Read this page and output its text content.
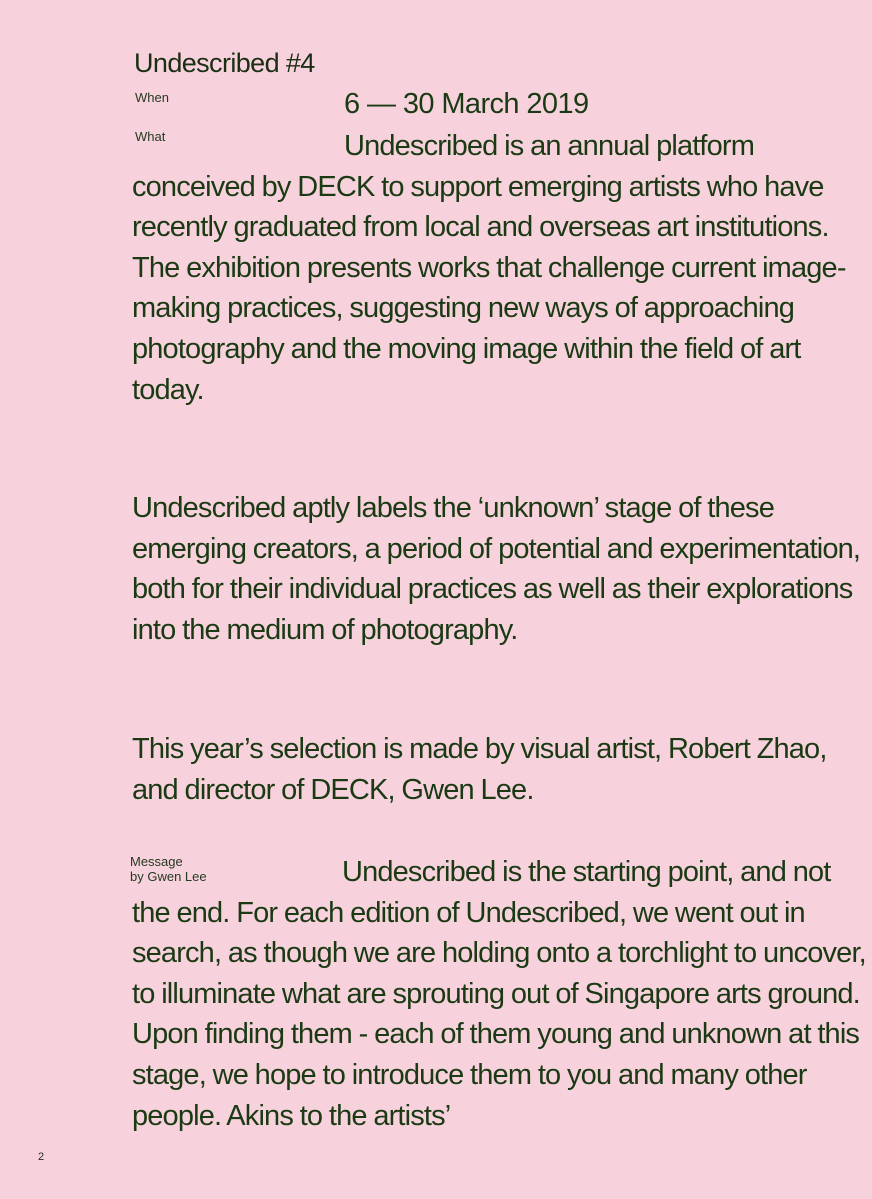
Undescribed #4
When	6 — 30 March 2019
What	Undescribed is an annual platform conceived by DECK to support emerging artists who have recently graduated from local and overseas art institutions. The exhibition presents works that challenge current image-making practices, suggesting new ways of approaching photography and the moving image within the field of art today.

Undescribed aptly labels the ‘unknown’ stage of these emerging creators, a period of potential and experimentation, both for their individual practices as well as their explorations into the medium of photography.

This year’s selection is made by visual artist, Robert Zhao, and director of DECK, Gwen Lee.

Message
by Gwen Lee	Undescribed is the starting point, and not the end. For each edition of Undescribed, we went out in search, as though we are holding onto a torchlight to uncover, to illuminate what are sprouting out of Singapore arts ground. Upon finding them - each of them young and unknown at this stage, we hope to introduce them to you and many other people. Akins to the artists’

2
